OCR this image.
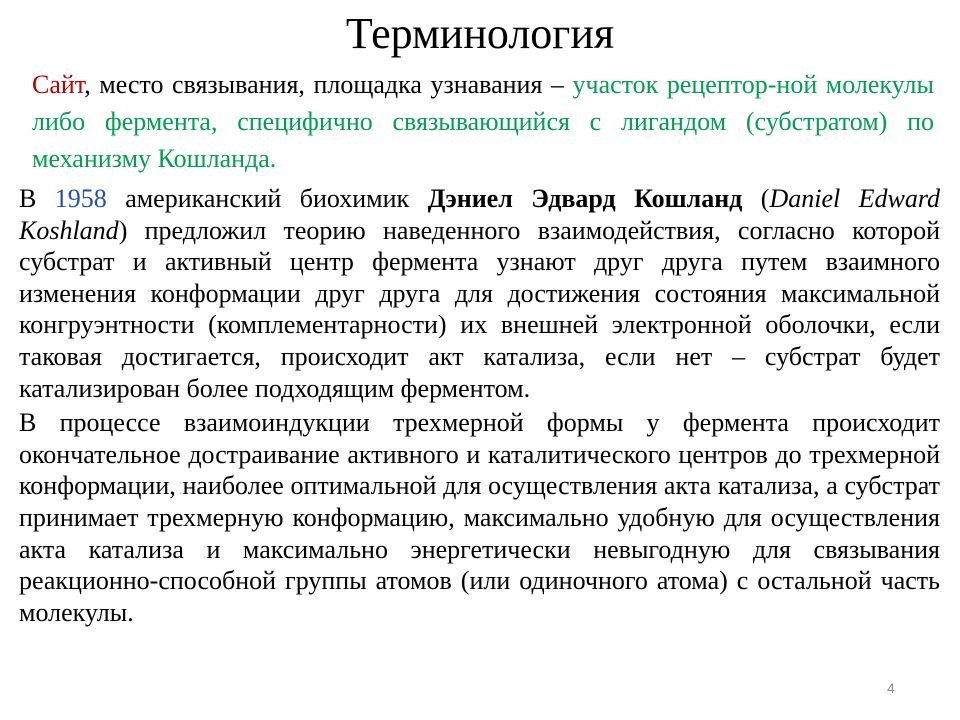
Терминология
Сайт, место связывания, площадка узнавания – участок рецептор-ной молекулы либо фермента, специфично связывающийся с лигандом (субстратом) по механизму Кошланда.

В 1958 американский биохимик Дэниел Эдвард Кошланд (Daniel Edward Koshland) предложил теорию наведенного взаимодействия, согласно которой субстрат и активный центр фермента узнают друг друга путем взаимного изменения конформации друг друга для достижения состояния максимальной конгруэнтности (комплементарности) их внешней электронной оболочки, если таковая достигается, происходит акт катализа, если нет – субстрат будет катализирован более подходящим ферментом.

В процессе взаимоиндукции трехмерной формы у фермента происходит окончательное достраивание активного и каталитического центров до трехмерной конформации, наиболее оптимальной для осуществления акта катализа, а субстрат принимает трехмерную конформацию, максимально удобную для осуществления акта катализа и максимально энергетически невыгодную для связывания реакционно-способной группы атомов (или одиночного атома) с остальной часть молекулы.

4
